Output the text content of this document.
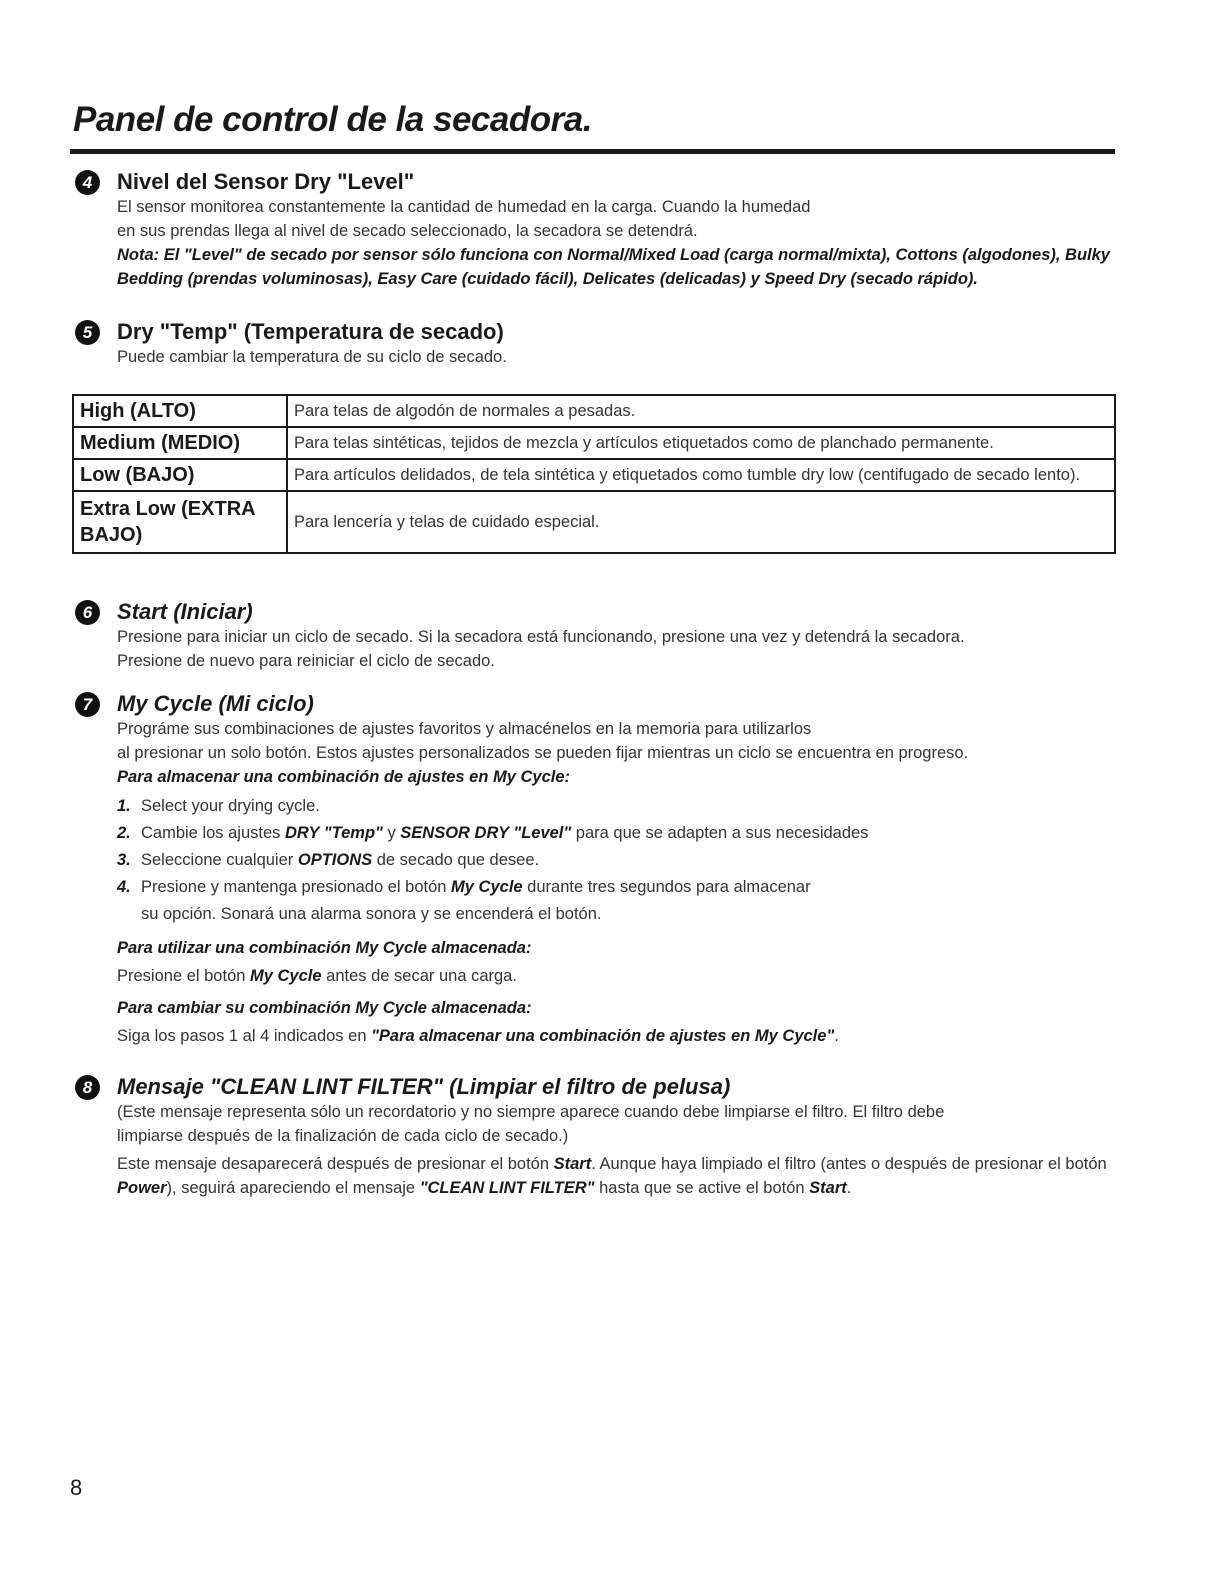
Panel de control de la secadora.
4	Nivel del Sensor Dry "Level"

El sensor monitorea constantemente la cantidad de humedad en la carga. Cuando la humedad

en sus prendas llega al nivel de secado seleccionado, la secadora se detendrá.

Nota: El "Level" de secado por sensor sólo funciona con Normal/Mixed Load (carga normal/mixta), Cottons (algodones), Bulky Bedding (prendas voluminosas), Easy Care (cuidado fácil), Delicates (delicadas) y Speed Dry (secado rápido).

5	Dry "Temp" (Temperatura de secado)

Puede cambiar la temperatura de su ciclo de secado.

High (ALTO)	Para telas de algodón de normales a pesadas.
Medium (MEDIO)	Para telas sintéticas, tejidos de mezcla y artículos etiquetados como de planchado permanente.
Low (BAJO)	Para artículos delidados, de tela sintética y etiquetados como tumble dry low (centifugado de secado lento).
Extra Low (EXTRA BAJO)	Para lencería y telas de cuidado especial.
6	Start (Iniciar)

Presione para iniciar un ciclo de secado. Si la secadora está funcionando, presione una vez y detendrá la secadora.

Presione de nuevo para reiniciar el ciclo de secado.

7	My Cycle (Mi ciclo)

Prográme sus combinaciones de ajustes favoritos y almacénelos en la memoria para utilizarlos

al presionar un solo botón. Estos ajustes personalizados se pueden fijar mientras un ciclo se encuentra en progreso.

Para almacenar una combinación de ajustes en My Cycle:

1. Select your drying cycle.
2. Cambie los ajustes DRY "Temp" y SENSOR DRY "Level" para que se adapten a sus necesidades
3. Seleccione cualquier OPTIONS de secado que desee.
4. Presione y mantenga presionado el botón My Cycle durante tres segundos para almacenar
su opción. Sonará una alarma sonora y se encenderá el botón.

Para utilizar una combinación My Cycle almacenada:

Presione el botón My Cycle antes de secar una carga.

Para cambiar su combinación My Cycle almacenada:

Siga los pasos 1 al 4 indicados en "Para almacenar una combinación de ajustes en My Cycle".

8	Mensaje "CLEAN LINT FILTER" (Limpiar el filtro de pelusa)

(Este mensaje representa sólo un recordatorio y no siempre aparece cuando debe limpiarse el filtro. El filtro debe

limpiarse después de la finalización de cada ciclo de secado.)

Este mensaje desaparecerá después de presionar el botón Start. Aunque haya limpiado el filtro (antes o después de presionar el botón Power), seguirá apareciendo el mensaje "CLEAN LINT FILTER" hasta que se active el botón Start.

8
